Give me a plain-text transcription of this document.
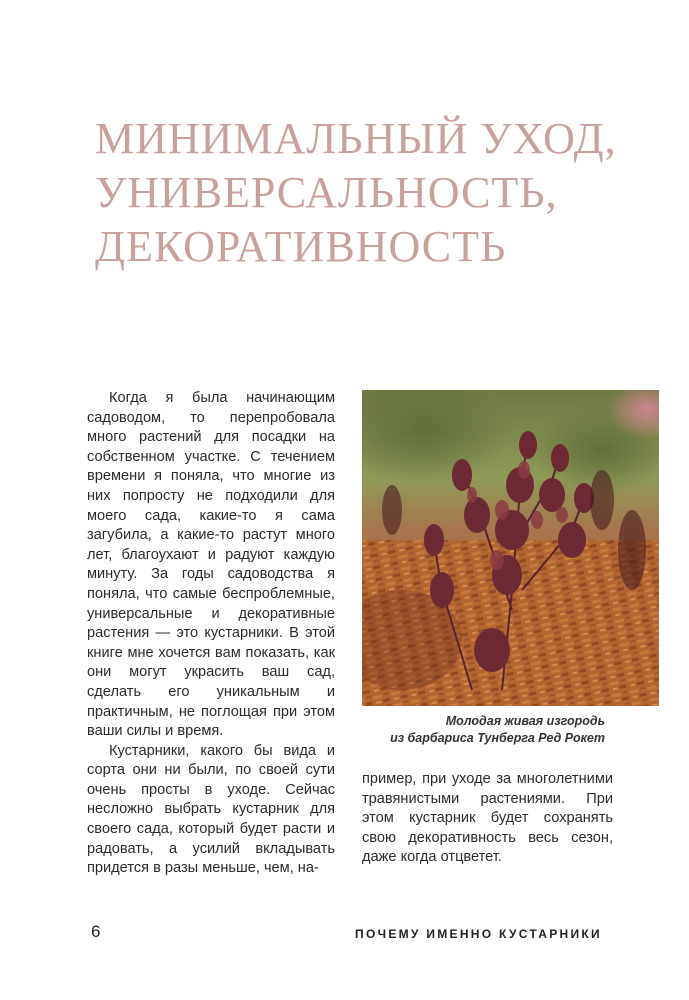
МИНИМАЛЬНЫЙ УХОД,
УНИВЕРСАЛЬНОСТЬ,
ДЕКОРАТИВНОСТЬ

Когда я была начинающим садоводом, то перепробовала много растений для посадки на собственном участке. С течением времени я поняла, что многие из них попросту не подходили для моего сада, какие-то я сама загубила, а какие-то растут много лет, благоухают и радуют каждую минуту. За годы садоводства я поняла, что самые беспроблемные, универсальные и декоративные растения — это кустарники. В этой книге мне хочется вам показать, как они могут украсить ваш сад, сделать его уникальным и практичным, не поглощая при этом ваши силы и время.

Кустарники, какого бы вида и сорта они ни были, по своей сути очень просты в уходе. Сейчас несложно выбрать кустарник для своего сада, который будет расти и радовать, а усилий вкладывать придется в разы меньше, чем, на-

Молодая живая изгородь
из барбариса Тунберга Ред Рокет

пример, при уходе за многолетними травянистыми растениями. При этом кустарник будет сохранять свою декоративность весь сезон, даже когда отцветет.

6	ПОЧЕМУ ИМЕННО КУСТАРНИКИ
